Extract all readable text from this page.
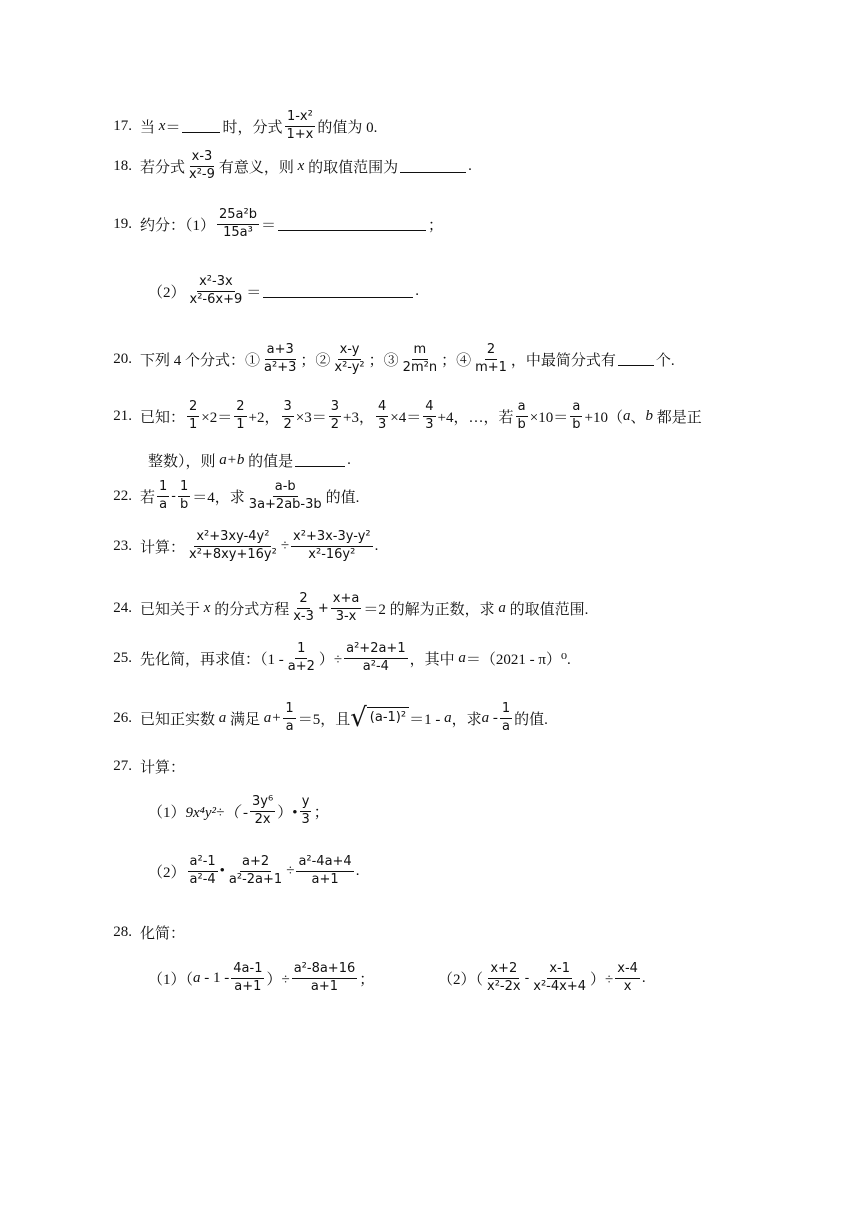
17. 当
x ＝	时，分式 $\frac{\text{1-x²}}{1+x}$ 的值为 0.
18. 若分式 $\frac{x-3}{\text{x²-9}}$ 有意义，则
x
的取值范围为	.
19. 约分：$(1) \frac{\text{25a²b}}{\text{15a³}}$ ＝	；
$(2) \frac{\text{x²-3x}}{\text{x²-6x+9}}$ ＝	.
20. 下列 4 个分式：① $\frac{a+3}{\text{a²+3}}$ ；② $\frac{x-y}{\text{x²-y²}}$ ；③ $\frac{m}{\text{2m²n}}$ ；④ $\frac{2}{m+1}$ ，中最简分式有	个.
21. 已知： $\frac{2}{1} \times 2= \frac{2}{1} +2$， $\frac{3}{2} \times 3= \frac{3}{2} +3$， $\frac{4}{3} \times 4= \frac{4}{3} +4$，…，若 $\frac{a}{b} \times 10= \frac{a}{b} +10$（ a 、 b
都是正
整数），则
a+b
的值是	.
22. 若 $\frac{1}{a} - \frac{1}{b} =4$，求 $\frac{a-b}{3a+2ab-3b}$ 的值.
23. 计算： $\frac{\text{x²+3xy-4y²}}{\text{x²+8xy+16y²}} \div \frac{\text{x²+3x-3y-y²}}{\text{x²-16y²}}$ .
24. 已知关于
x
的分式方程 $\frac{2}{x-3} + \frac{x+a}{3-x} =2$ 的解为正数，求
a
的取值范围.
25. 先化简，再求值：（$1 - \frac{1}{a+2}$ ）÷ $\frac{\text{a²+2a+1}}{\text{a²-4}}$ ，其中
a ＝（2021 - π）⁰.
26. 已知正实数
a
满足
$a+ \frac{1}{a} =5$，且 √ (a-1)² ＝1 -
a ，求 a - $\frac{1}{a}$ 的值.
27. 计算：
（1） $9x^4y^2\div( - \frac{\text{3y⁶}}{2x}$ ）• $\frac{y}{3}$ ；
$(2) \frac{\text{a²-1}}{\text{a²-4}}$ • $\frac{a+2}{\text{a²-2a+1}} \div \frac{\text{a²-4a+4}}{a+1}$ .
28. 化简：
（1）（ a
- $1 - \frac{4a-1}{a+1}$ ）÷ $\frac{\text{a²-8a+16}}{a+1}$ ；	$(2)( \frac{x+2}{\text{x²-2x}} - \frac{x-1}{\text{x²-4x+4}}$ ）÷ $\frac{x-4}{x}$ .
